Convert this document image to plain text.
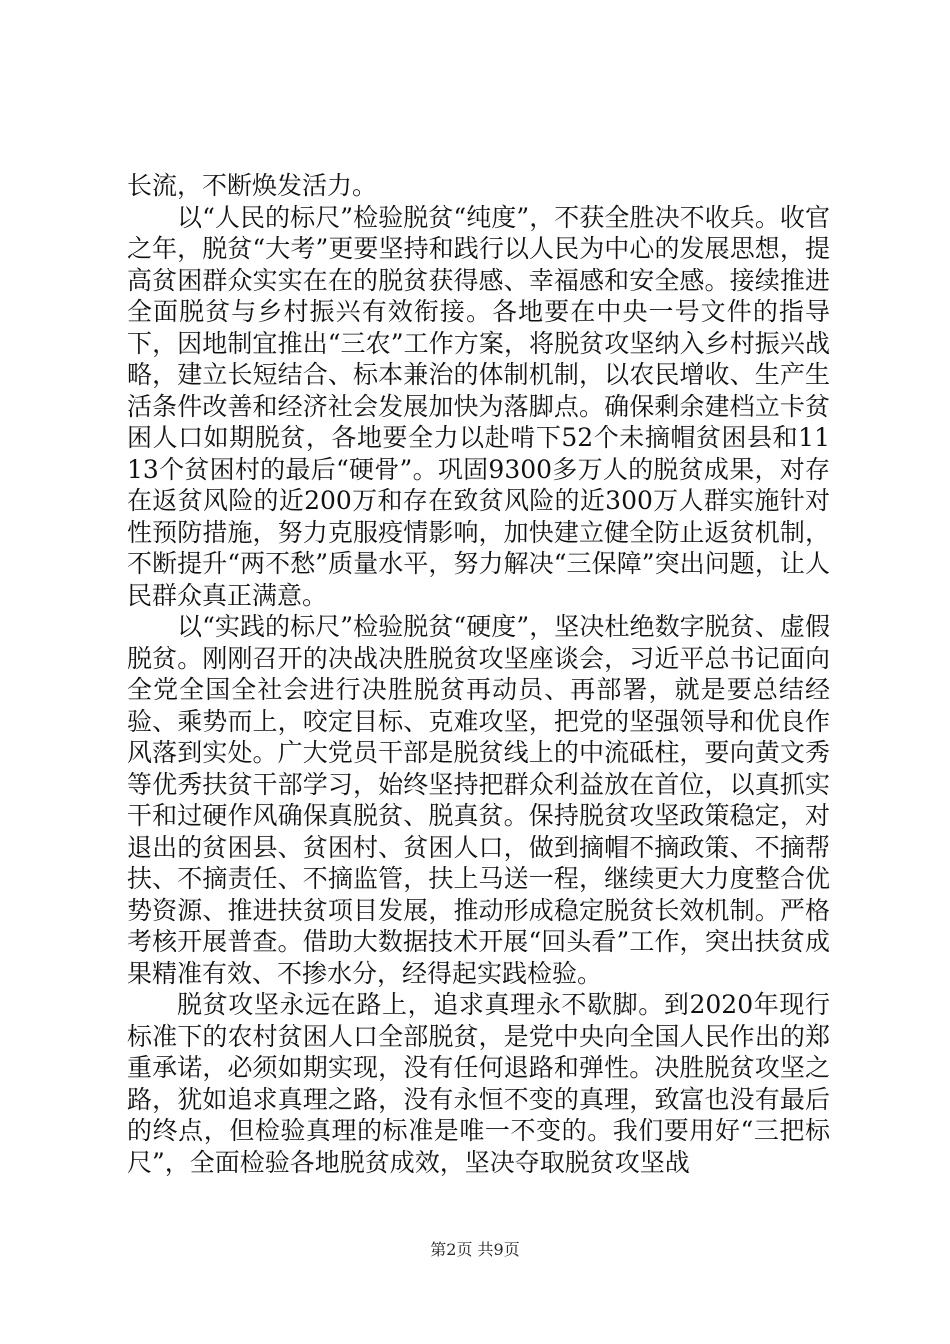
长流，不断焕发活力。

以“人民的标尺”检验脱贫“纯度”，不获全胜决不收兵。收官之年，脱贫“大考”更要坚持和践行以人民为中心的发展思想，提高贫困群众实实在在的脱贫获得感、幸福感和安全感。接续推进全面脱贫与乡村振兴有效衔接。各地要在中央一号文件的指导下，因地制宜推出“三农”工作方案，将脱贫攻坚纳入乡村振兴战略，建立长短结合、标本兼治的体制机制，以农民增收、生产生活条件改善和经济社会发展加快为落脚点。确保剩余建档立卡贫困人口如期脱贫，各地要全力以赴啃下52个未摘帽贫困县和1113个贫困村的最后“硬骨”。巩固9300多万人的脱贫成果，对存在返贫风险的近200万和存在致贫风险的近300万人群实施针对性预防措施，努力克服疫情影响，加快建立健全防止返贫机制，不断提升“两不愁”质量水平，努力解决“三保障”突出问题，让人民群众真正满意。

以“实践的标尺”检验脱贫“硬度”，坚决杜绝数字脱贫、虚假脱贫。刚刚召开的决战决胜脱贫攻坚座谈会，习近平总书记面向全党全国全社会进行决胜脱贫再动员、再部署，就是要总结经验、乘势而上，咬定目标、克难攻坚，把党的坚强领导和优良作风落到实处。广大党员干部是脱贫线上的中流砥柱，要向黄文秀等优秀扶贫干部学习，始终坚持把群众利益放在首位，以真抓实干和过硬作风确保真脱贫、脱真贫。保持脱贫攻坚政策稳定，对退出的贫困县、贫困村、贫困人口，做到摘帽不摘政策、不摘帮扶、不摘责任、不摘监管，扶上马送一程，继续更大力度整合优势资源、推进扶贫项目发展，推动形成稳定脱贫长效机制。严格考核开展普查。借助大数据技术开展“回头看”工作，突出扶贫成果精准有效、不掺水分，经得起实践检验。

脱贫攻坚永远在路上，追求真理永不歇脚。到2020年现行标准下的农村贫困人口全部脱贫，是党中央向全国人民作出的郑重承诺，必须如期实现，没有任何退路和弹性。决胜脱贫攻坚之路，犹如追求真理之路，没有永恒不变的真理，致富也没有最后的终点，但检验真理的标准是唯一不变的。我们要用好“三把标尺”，全面检验各地脱贫成效，坚决夺取脱贫攻坚战

第2页 共9页
